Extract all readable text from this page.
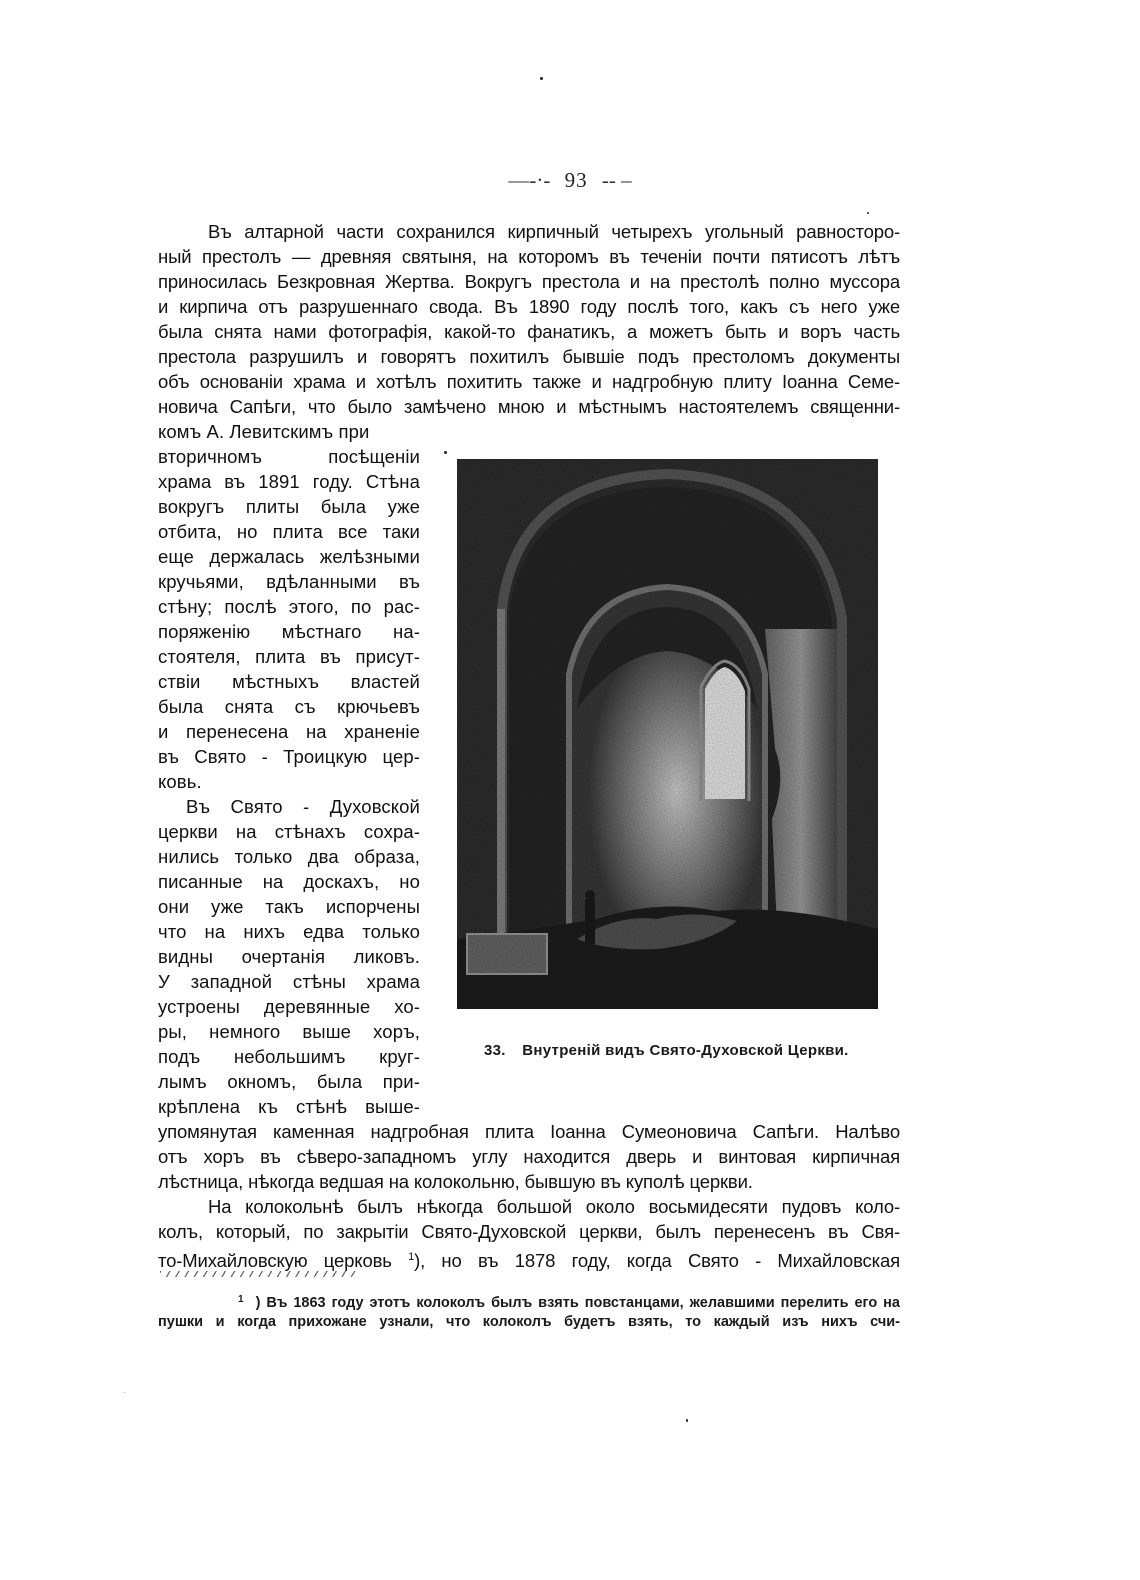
—-·- 93 -- –
Въ алтарной части сохранился кирпичный четырехъ угольный равносторо-
ный престолъ — древняя святыня, на которомъ въ теченiи почти пятисотъ лѣтъ
приносилась Безкровная Жертва. Вокругъ престола и на престолѣ полно муссора
и кирпича отъ разрушеннаго свода. Въ 1890 году послѣ того, какъ съ него уже
была снята нами фотографiя, какой-то фанатикъ, а можетъ быть и воръ часть
престола разрушилъ и говорятъ похитилъ бывшiе подъ престоломъ документы
объ основанiи храма и хотѣлъ похитить также и надгробную плиту Iоанна Семе-
новича Сапѣги, что было замѣчено мною и мѣстнымъ настоятелемъ священни-
комъ А. Левитскимъ при
вторичномъ посѣщенiи
храма въ 1891 году. Стѣна
вокругъ плиты была уже
отбита, но плита все таки
еще держалась желѣзными
кручьями, вдѣланными въ
стѣну; послѣ этого, по рас-
поряженiю мѣстнаго на-
стоятеля, плита въ присут-
ствiи мѣстныхъ властей
была снята съ крючьевъ
и перенесена на храненiе
въ Свято - Троицкую цер-
ковь.
Въ Свято - Духовской
церкви на стѣнахъ сохра-
нились только два образа,
писанные на доскахъ, но
они уже такъ испорчены
что на нихъ едва только
видны очертанiя ликовъ.
У западной стѣны храма
устроены деревянные хо-
ры, немного выше хоръ,
подъ небольшимъ круг-
лымъ окномъ, была при-
крѣплена къ стѣнѣ выше-
упомянутая каменная надгробная плита Iоанна Сумеоновича Сапѣги. Налѣво
отъ хоръ въ сѣверо-западномъ углу находится дверь и винтовая кирпичная
лѣстница, нѣкогда ведшая на колокольню, бывшую въ куполѣ церкви.
На колокольнѣ былъ нѣкогда большой около восьмидесяти пудовъ коло-
колъ, который, по закрытiи Свято-Духовской церкви, былъ перенесенъ въ Свя-
то-Михайловскую церковь $^1$), но въ 1878 году, когда Свято - Михайловская
33. Внутренiй видъ Свято-Духовской Церкви.
$^1$ ) Въ 1863 году этотъ колоколъ былъ взять повстанцами, желавшими перелить его на
пушки и когда прихожане узнали, что колоколъ будетъ взять, то каждый изъ нихъ счи-
